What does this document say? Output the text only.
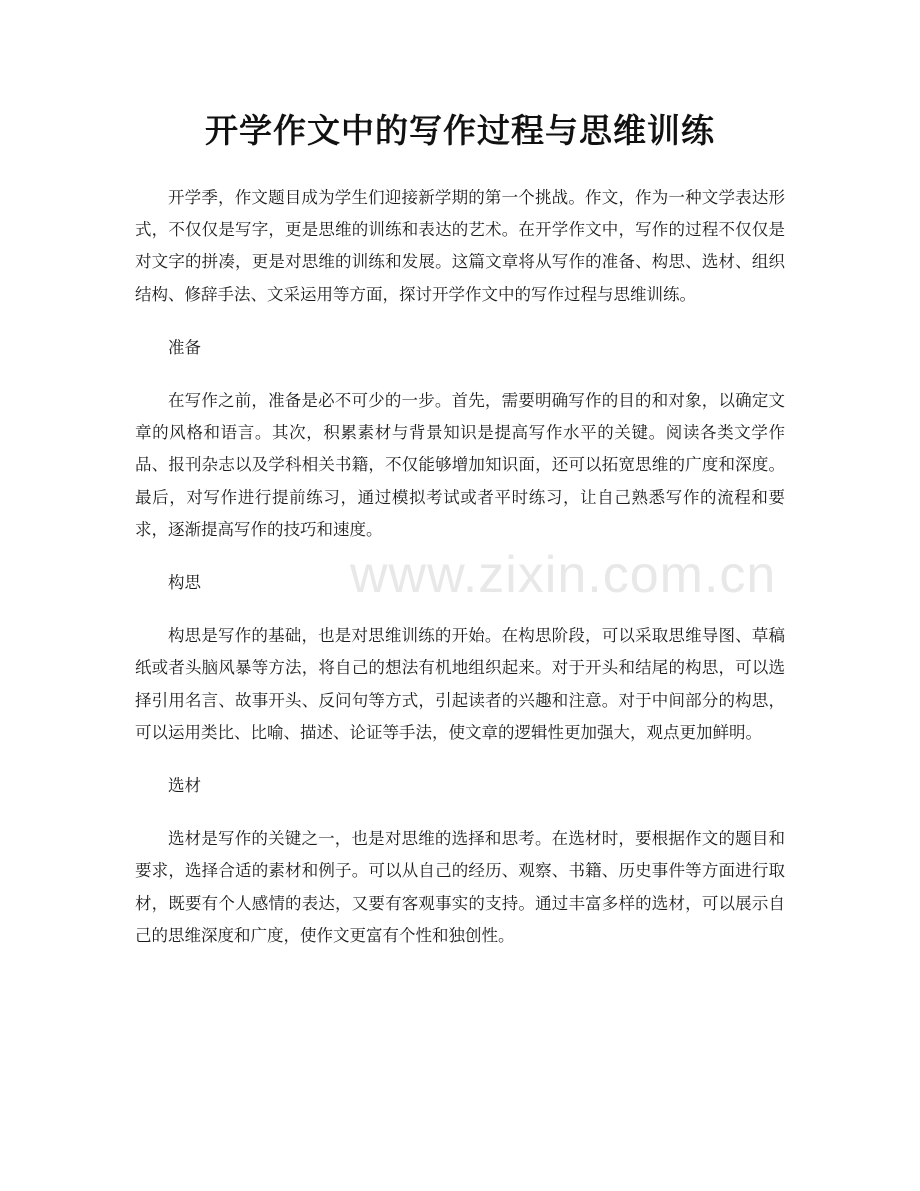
开学作文中的写作过程与思维训练

开学季，作文题目成为学生们迎接新学期的第一个挑战。作文，作为一种文学表达形式，不仅仅是写字，更是思维的训练和表达的艺术。在开学作文中，写作的过程不仅仅是对文字的拼凑，更是对思维的训练和发展。这篇文章将从写作的准备、构思、选材、组织结构、修辞手法、文采运用等方面，探讨开学作文中的写作过程与思维训练。

准备

在写作之前，准备是必不可少的一步。首先，需要明确写作的目的和对象，以确定文章的风格和语言。其次，积累素材与背景知识是提高写作水平的关键。阅读各类文学作品、报刊杂志以及学科相关书籍，不仅能够增加知识面，还可以拓宽思维的广度和深度。最后，对写作进行提前练习，通过模拟考试或者平时练习，让自己熟悉写作的流程和要求，逐渐提高写作的技巧和速度。

构思

构思是写作的基础，也是对思维训练的开始。在构思阶段，可以采取思维导图、草稿纸或者头脑风暴等方法，将自己的想法有机地组织起来。对于开头和结尾的构思，可以选择引用名言、故事开头、反问句等方式，引起读者的兴趣和注意。对于中间部分的构思，可以运用类比、比喻、描述、论证等手法，使文章的逻辑性更加强大，观点更加鲜明。

选材

选材是写作的关键之一，也是对思维的选择和思考。在选材时，要根据作文的题目和要求，选择合适的素材和例子。可以从自己的经历、观察、书籍、历史事件等方面进行取材，既要有个人感情的表达，又要有客观事实的支持。通过丰富多样的选材，可以展示自己的思维深度和广度，使作文更富有个性和独创性。

www.zixin.com.cn
